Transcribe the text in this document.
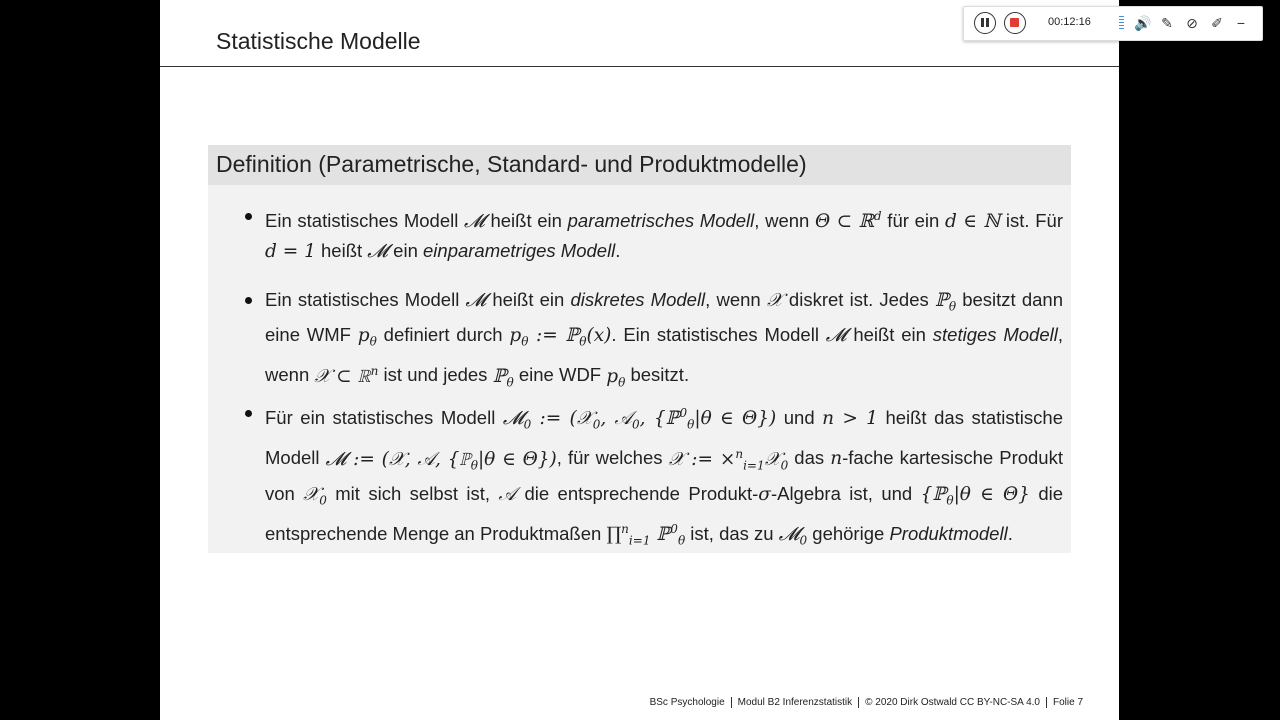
Statistische Modelle
Definition (Parametrische, Standard- und Produktmodelle)
Ein statistisches Modell 𝓜 heißt ein parametrisches Modell, wenn Θ ⊂ ℝ$^d$ für ein d ∈ ℕ ist. Für d = 1 heißt 𝓜 ein einparametriges Modell.
Ein statistisches Modell 𝓜 heißt ein diskretes Modell, wenn 𝒳 diskret ist. Jedes ℙ$_\theta$ besitzt dann eine WMF $p_\theta$ definiert durch $p_\theta$ := ℙ$_\theta$(x). Ein statistisches Modell 𝓜 heißt ein stetiges Modell, wenn 𝒳 ⊂ ℝ$^n$ ist und jedes ℙ$_\theta$ eine WDF $p_\theta$ besitzt.
Für ein statistisches Modell 𝓜$_0$ := (𝒳$_0$, 𝒜$_0$, {ℙ$^0_\theta$|θ ∈ Θ}) und n > 1 heißt das statistische Modell 𝓜 := (𝒳, 𝒜, {ℙ$_\theta$|θ ∈ Θ}), für welches 𝒳 := ×$^n_{i=1}$𝒳$_0$ das n-fache kartesische Produkt von 𝒳$_0$ mit sich selbst ist, 𝒜 die entsprechende Produkt-σ-Algebra ist, und {ℙ$_\theta$|θ ∈ Θ} die entsprechende Menge an Produktmaßen ∏$^n_{i=1}$ ℙ$^0_\theta$ ist, das zu 𝓜$_0$ gehörige Produktmodell.
BSc Psychologie Modul B2 Inferenzstatistik © 2020 Dirk Ostwald CC BY-NC-SA 4.0 Folie 7
00:12:16	🔊 ✎ ⊘ ✐	−
